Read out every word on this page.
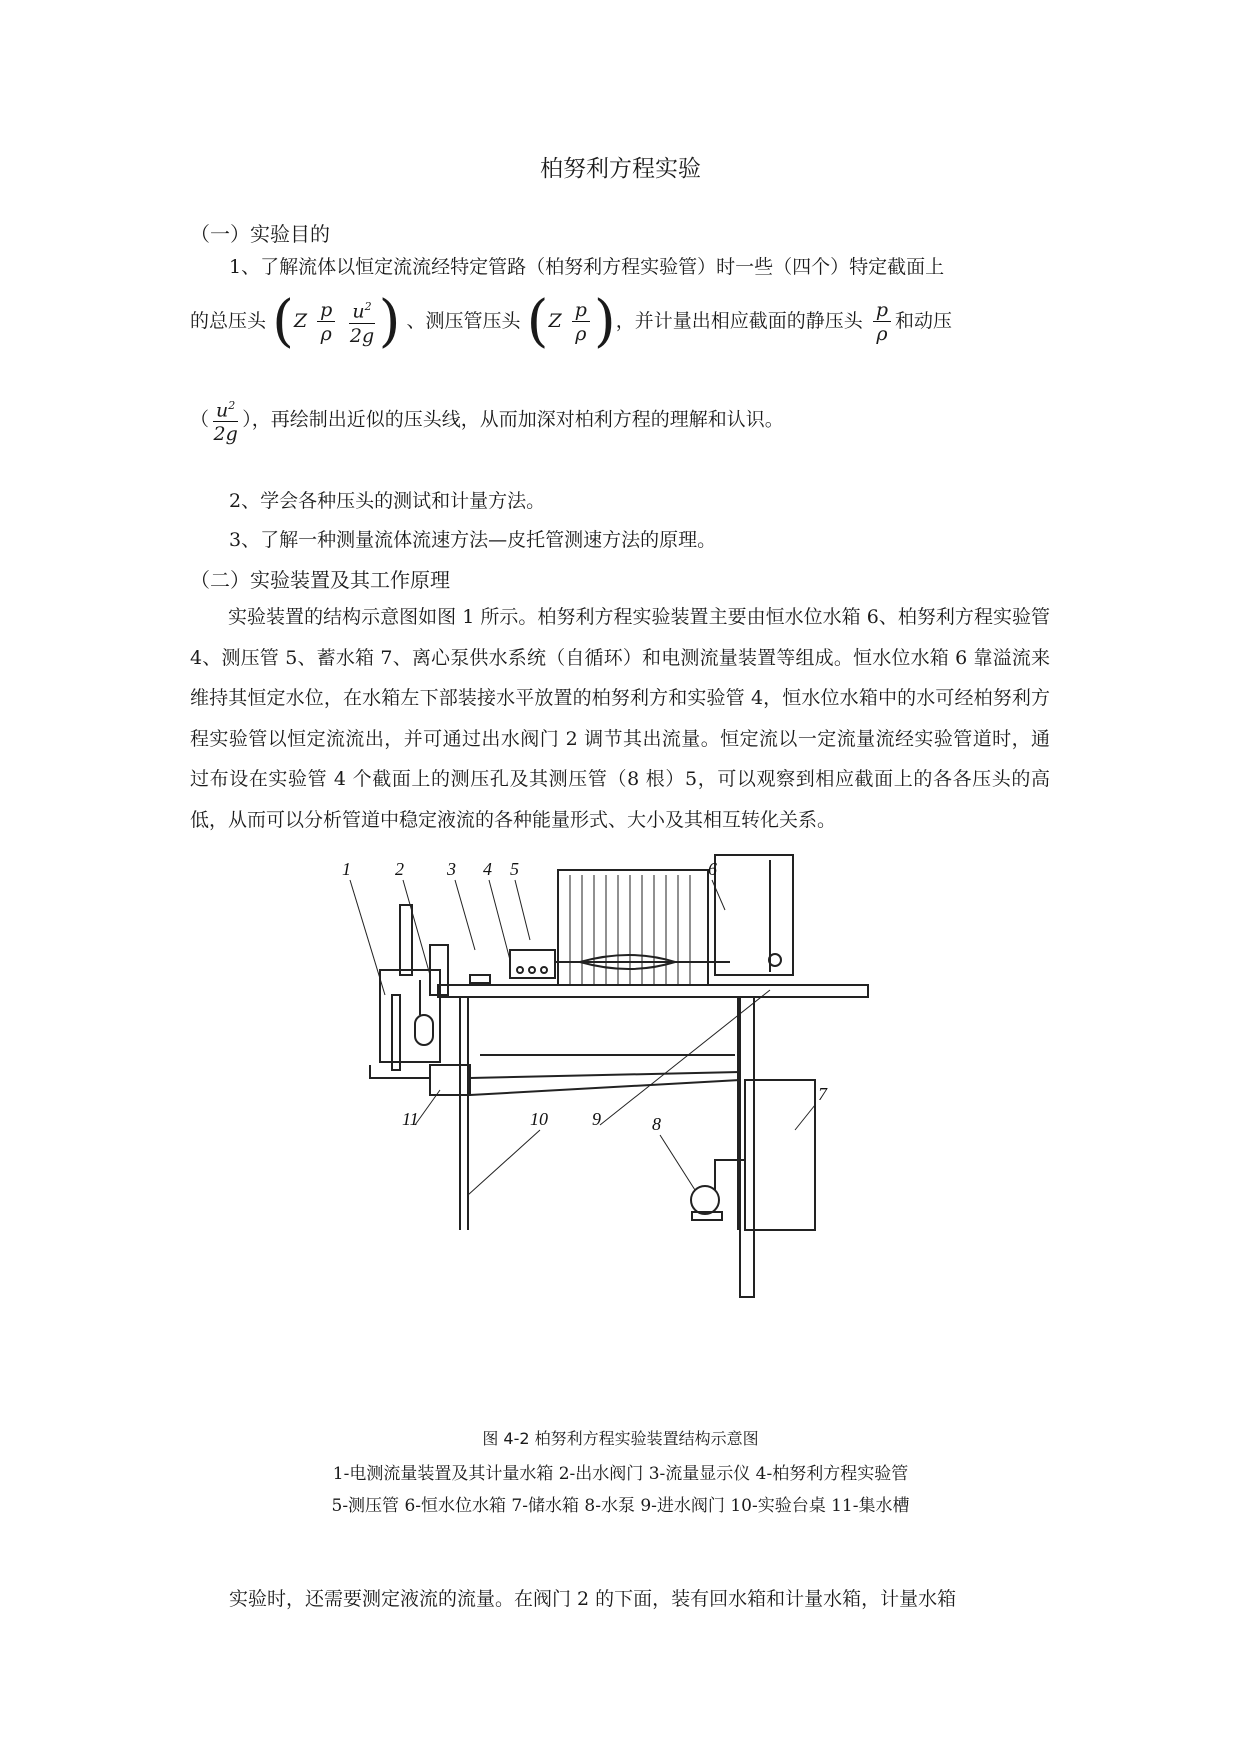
柏努利方程实验
（一）实验目的
1、了解流体以恒定流流经特定管路（柏努利方程实验管）时一些（四个）特定截面上
的总压头 ($Z \frac{p}{\rho}$
$\frac{u^2}{2g}$ ) 、测压管压头 ($Z \frac{p}{\rho}$ )，并计量出相应截面的静压头 $\frac{p}{\rho}$ 和动压
（ $\frac{u^2}{2g}$ ），再绘制出近似的压头线，从而加深对柏利方程的理解和认识。
2、学会各种压头的测试和计量方法。
3、了解一种测量流体流速方法—皮托管测速方法的原理。
（二）实验装置及其工作原理
实验装置的结构示意图如图 1 所示。柏努利方程实验装置主要由恒水位水箱 6、柏努利方程实验管 4、测压管 5、蓄水箱 7、离心泵供水系统（自循环）和电测流量装置等组成。恒水位水箱 6 靠溢流来维持其恒定水位，在水箱左下部装接水平放置的柏努利方和实验管 4，恒水位水箱中的水可经柏努利方程实验管以恒定流流出，并可通过出水阀门 2 调节其出流量。恒定流以一定流量流经实验管道时，通过布设在实验管 4 个截面上的测压孔及其测压管（8 根）5，可以观察到相应截面上的各各压头的高低，从而可以分析管道中稳定液流的各种能量形式、大小及其相互转化关系。
1 2 3 4 5	6
7
8
9
10
11
图 4-2 柏努利方程实验装置结构示意图
1-电测流量装置及其计量水箱 2-出水阀门 3-流量显示仪 4-柏努利方程实验管
5-测压管 6-恒水位水箱 7-储水箱 8-水泵 9-进水阀门 10-实验台桌 11-集水槽
实验时，还需要测定液流的流量。在阀门 2 的下面，装有回水箱和计量水箱，计量水箱
